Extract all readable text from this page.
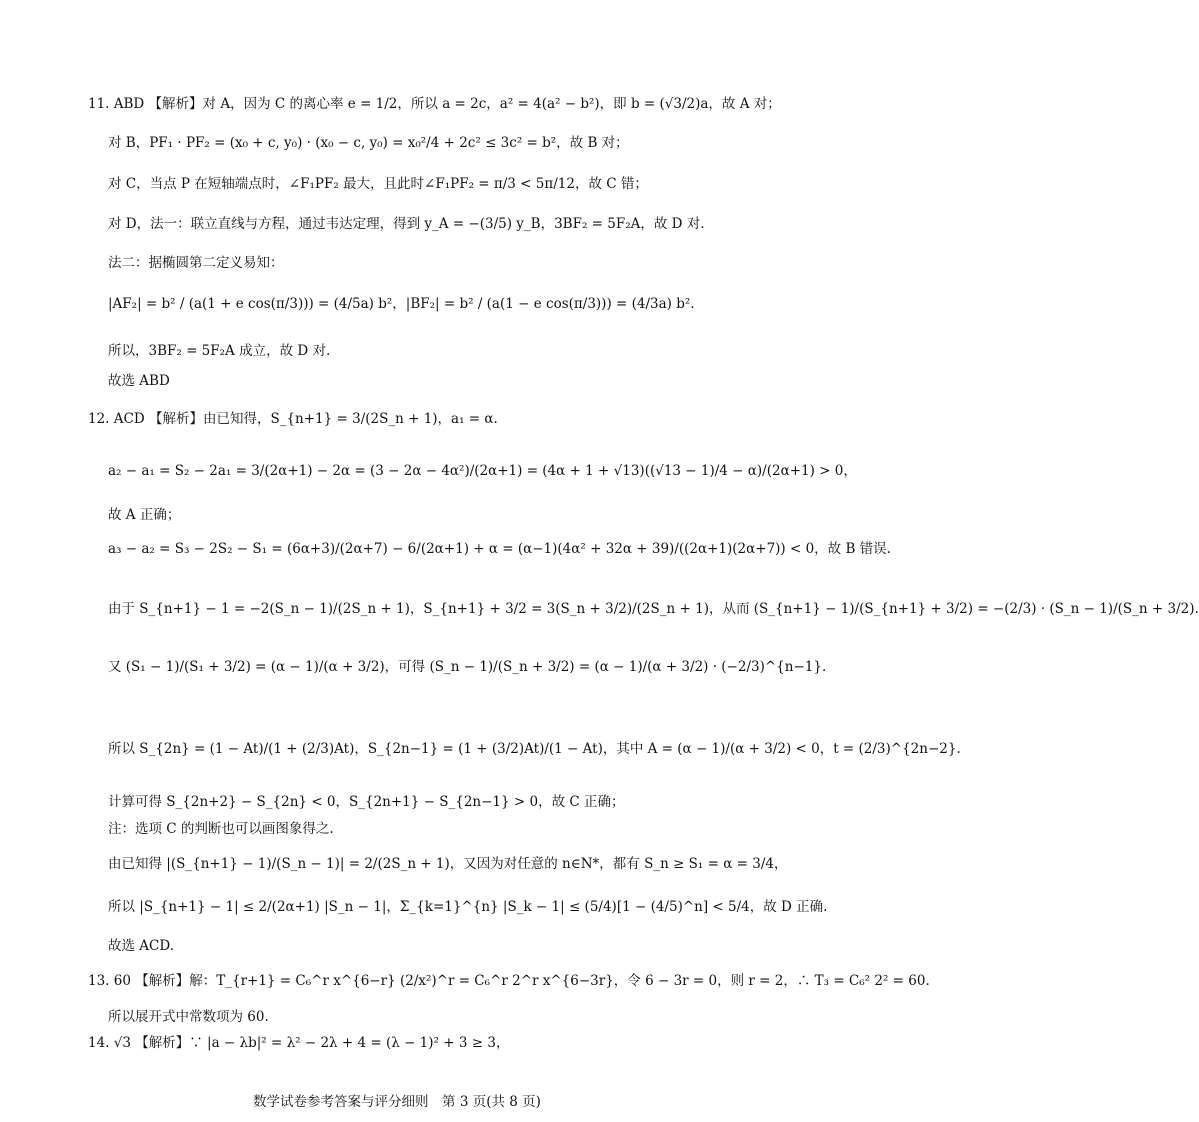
11. ABD 【解析】对 A，因为 C 的离心率 e = 1/2，所以 a = 2c，a² = 4(a² − b²)，即 b = (√3/2)a，故 A 对；
对 B，PF₁ · PF₂ = (x₀ + c, y₀) · (x₀ − c, y₀) = x₀²/4 + 2c² ≤ 3c² = b²，故 B 对；
对 C，当点 P 在短轴端点时，∠F₁PF₂ 最大，且此时∠F₁PF₂ = π/3 < 5π/12，故 C 错；
对 D，法一：联立直线与方程，通过韦达定理，得到 y_A = −(3/5) y_B，3BF₂ = 5F₂A，故 D 对.
法二：据椭圆第二定义易知：
|AF₂| = b² / (a(1 + e cos(π/3))) = (4/5a) b²，|BF₂| = b² / (a(1 − e cos(π/3))) = (4/3a) b².
所以，3BF₂ = 5F₂A 成立，故 D 对.
故选 ABD
12. ACD 【解析】由已知得，S_{n+1} = 3/(2S_n + 1)，a₁ = α.
a₂ − a₁ = S₂ − 2a₁ = 3/(2α+1) − 2α = (3 − 2α − 4α²)/(2α+1) = (4α + 1 + √13)((√13 − 1)/4 − α)/(2α+1) > 0，
故 A 正确；
a₃ − a₂ = S₃ − 2S₂ − S₁ = (6α+3)/(2α+7) − 6/(2α+1) + α = (α−1)(4α² + 32α + 39)/((2α+1)(2α+7)) < 0，故 B 错误.
由于 S_{n+1} − 1 = −2(S_n − 1)/(2S_n + 1)，S_{n+1} + 3/2 = 3(S_n + 3/2)/(2S_n + 1)，从而 (S_{n+1} − 1)/(S_{n+1} + 3/2) = −(2/3) · (S_n − 1)/(S_n + 3/2).
又 (S₁ − 1)/(S₁ + 3/2) = (α − 1)/(α + 3/2)，可得 (S_n − 1)/(S_n + 3/2) = (α − 1)/(α + 3/2) · (−2/3)^{n−1}.
所以 S_{2n} = (1 − At)/(1 + (2/3)At)，S_{2n−1} = (1 + (3/2)At)/(1 − At)，其中 A = (α − 1)/(α + 3/2) < 0，t = (2/3)^{2n−2}.
计算可得 S_{2n+2} − S_{2n} < 0，S_{2n+1} − S_{2n−1} > 0，故 C 正确；
注：选项 C 的判断也可以画图象得之.
由已知得 |(S_{n+1} − 1)/(S_n − 1)| = 2/(2S_n + 1)，又因为对任意的 n∈N*，都有 S_n ≥ S₁ = α = 3/4，
所以 |S_{n+1} − 1| ≤ 2/(2α+1) |S_n − 1|，Σ_{k=1}^{n} |S_k − 1| ≤ (5/4)[1 − (4/5)^n] < 5/4，故 D 正确.
故选 ACD.
13. 60 【解析】解：T_{r+1} = C₆^r x^{6−r} (2/x²)^r = C₆^r 2^r x^{6−3r}，令 6 − 3r = 0，则 r = 2，∴ T₃ = C₆² 2² = 60.
所以展开式中常数项为 60.
14. √3 【解析】∵ |a − λb|² = λ² − 2λ + 4 = (λ − 1)² + 3 ≥ 3，
数学试卷参考答案与评分细则　第 3 页(共 8 页)
